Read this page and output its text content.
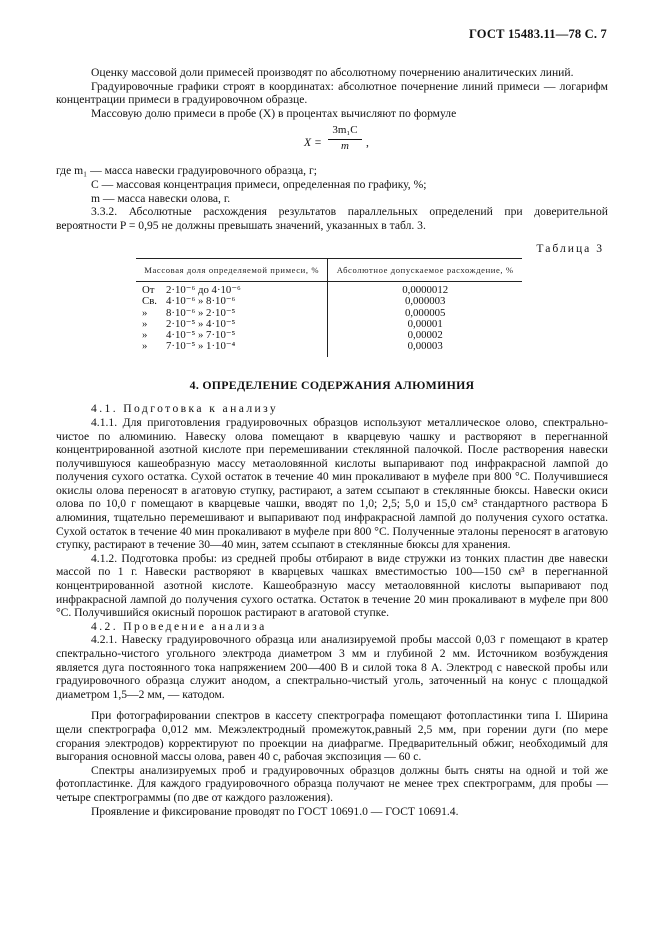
ГОСТ 15483.11—78 С. 7

Оценку массовой доли примесей производят по абсолютному почернению аналитических линий.

Градуировочные графики строят в координатах: абсолютное почернение линий примеси — логарифм концентрации примеси в градуировочном образце.

Массовую долю примеси в пробе (X) в процентах вычисляют по формуле

$X = \frac{\text{3m₁C}}{m}$ ,
где m₁ — масса навески градуировочного образца, г;
C — массовая концентрация примеси, определенная по графику, %;
m — масса навески олова, г.

3.3.2. Абсолютные расхождения результатов параллельных определений при доверительной вероятности P = 0,95 не должны превышать значений, указанных в табл. 3.

Таблица 3
Массовая доля определяемой примеси, %	Абсолютное допускаемое расхождение, %
От 2·10⁻⁶ до 4·10⁻⁶	0,0000012
Св. 4·10⁻⁶ » 8·10⁻⁶	0,000003
» 8·10⁻⁶ » 2·10⁻⁵	0,000005
» 2·10⁻⁵ » 4·10⁻⁵	0,00001
» 4·10⁻⁵ » 7·10⁻⁵	0,00002
» 7·10⁻⁵ » 1·10⁻⁴	0,00003
4. ОПРЕДЕЛЕНИЕ СОДЕРЖАНИЯ АЛЮМИНИЯ

4.1. Подготовка к анализу

4.1.1. Для приготовления градуировочных образцов используют металлическое олово, спектрально-чистое по алюминию. Навеску олова помещают в кварцевую чашку и растворяют в перегнанной концентрированной азотной кислоте при перемешивании стеклянной палочкой. После растворения навески получившуюся кашеобразную массу метаоловянной кислоты выпаривают под инфракрасной лампой до получения сухого остатка. Сухой остаток в течение 40 мин прокаливают в муфеле при 800 °С. Получившиеся окислы олова переносят в агатовую ступку, растирают, а затем ссыпают в стеклянные бюксы. Навески окиси олова по 10,0 г помещают в кварцевые чашки, вводят по 1,0; 2,5; 5,0 и 15,0 см³ стандартного раствора Б алюминия, тщательно перемешивают и выпаривают под инфракрасной лампой до получения сухого остатка. Сухой остаток в течение 40 мин прокаливают в муфеле при 800 °С. Полученные эталоны переносят в агатовую ступку, растирают в течение 30—40 мин, затем ссыпают в стеклянные бюксы для хранения.

4.1.2. Подготовка пробы: из средней пробы отбирают в виде стружки из тонких пластин две навески массой по 1 г. Навески растворяют в кварцевых чашках вместимостью 100—150 см³ в перегнанной концентрированной азотной кислоте. Кашеобразную массу метаоловянной кислоты выпаривают под инфракрасной лампой до получения сухого остатка. Остаток в течение 20 мин прокаливают в муфеле при 800 °С. Получившийся окисный порошок растирают в агатовой ступке.

4.2. Проведение анализа

4.2.1. Навеску градуировочного образца или анализируемой пробы массой 0,03 г помещают в кратер спектрально-чистого угольного электрода диаметром 3 мм и глубиной 2 мм. Источником возбуждения является дуга постоянного тока напряжением 200—400 В и силой тока 8 А. Электрод с навеской пробы или градуировочного образца служит анодом, а спектрально-чистый уголь, заточенный на конус с площадкой диаметром 1,5—2 мм, — катодом.

При фотографировании спектров в кассету спектрографа помещают фотопластинки типа I. Ширина щели спектрографа 0,012 мм. Межэлектродный промежуток,равный 2,5 мм, при горении дуги (по мере сгорания электродов) корректируют по проекции на диафрагме. Предварительный обжиг, необходимый для выгорания основной массы олова, равен 40 с, рабочая экспозиция — 60 с.

Спектры анализируемых проб и градуировочных образцов должны быть сняты на одной и той же фотопластинке. Для каждого градуировочного образца получают не менее трех спектрограмм, для пробы — четыре спектрограммы (по две от каждого разложения).

Проявление и фиксирование проводят по ГОСТ 10691.0 — ГОСТ 10691.4.
